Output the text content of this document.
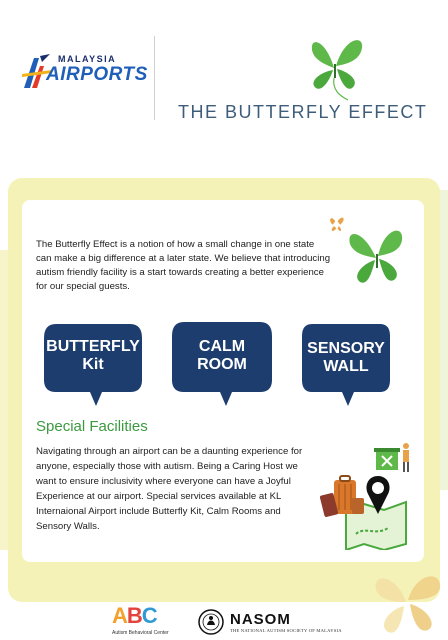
MALAYSIA
AIRPORTS
THE BUTTERFLY EFFECT
The Butterfly Effect is a notion of how a small change in one state can make a big difference at a later state. We believe that introducing autism friendly facility is a start towards creating a better experience for our special guests.
BUTTERFLY
Kit
CALM
ROOM
SENSORY
WALL
Special Facilities
Navigating through an airport can be a daunting experience for anyone, especially those with autism. Being a Caring Host we want to ensure inclusivity where everyone can have a Joyful Experience at our airport. Special services available at KL Internaional Airport include Butterfly Kit, Calm Rooms and Sensory Walls.
ABC
Autism Behavioral Center
NASOM
THE NATIONAL AUTISM SOCIETY OF MALAYSIA
